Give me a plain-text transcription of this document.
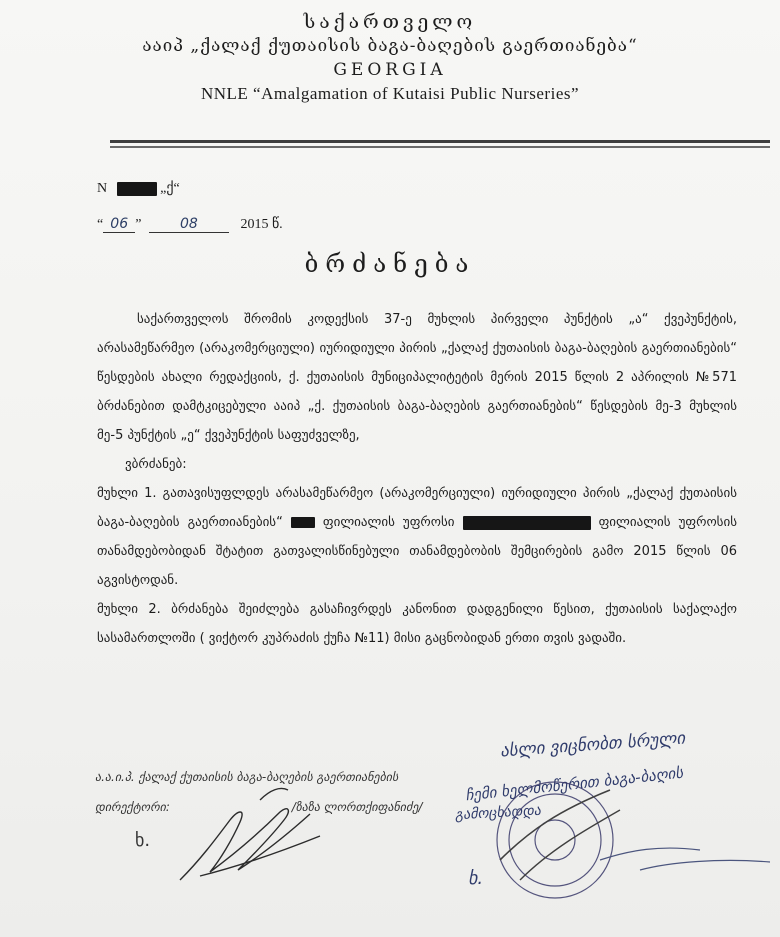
საქართველო
ააიპ „ქალაქ ქუთაისის ბაგა-ბაღების გაერთიანება“
GEORGIA
NNLE “Amalgamation of Kutaisi Public Nurseries”
N	„ქ“
“ 06 ”	08	2015 წ.
ბრძანება

საქართველოს შრომის კოდექსის 37-ე მუხლის პირველი პუნქტის „ა“ ქვეპუნქტის, არასამეწარმეო (არაკომერციული) იურიდიული პირის „ქალაქ ქუთაისის ბაგა-ბაღების გაერთიანების“ წესდების ახალი რედაქციის, ქ. ქუთაისის მუნიციპალიტეტის მერის 2015 წლის 2 აპრილის №571 ბრძანებით დამტკიცებული ააიპ „ქ. ქუთაისის ბაგა-ბაღების გაერთიანების“ წესდების მე-3 მუხლის მე-5 პუნქტის „ე“ ქვეპუნქტის საფუძველზე,

ვბრძანებ:

მუხლი 1. გათავისუფლდეს არასამეწარმეო (არაკომერციული) იურიდიული პირის „ქალაქ ქუთაისის ბაგა-ბაღების გაერთიანების“	ფილიალის უფროსი	ფილიალის უფროსის თანამდებობიდან შტატით გათვალისწინებული თანამდებობის შემცირების გამო 2015 წლის 06 აგვისტოდან.

მუხლი 2. ბრძანება შეიძლება გასაჩივრდეს კანონით დადგენილი წესით, ქუთაისის საქალაქო სასამართლოში ( ვიქტორ კუპრაძის ქუჩა №11) მისი გაცნობიდან ერთი თვის ვადაში.

ა.ა.ი.პ. ქალაქ ქუთაისის ბაგა-ბაღების გაერთიანების
დირექტორი:	/ზაზა ლორთქიფანიძე/
ხ.
ასლი ვიცნობთ სრული
ჩემი ხელმოწერით ბაგა-ბაღის
გამოცხადდა
ხ.
